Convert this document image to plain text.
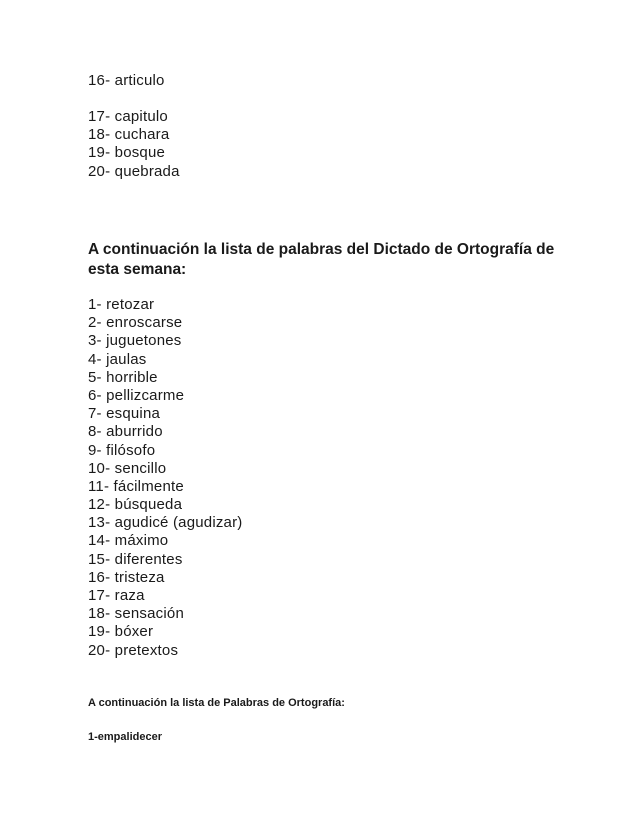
16- articulo
17- capitulo
18- cuchara
19- bosque
20- quebrada
A continuación la lista de palabras del Dictado de Ortografía de esta semana:
1- retozar
2- enroscarse
3- juguetones
4- jaulas
5- horrible
6- pellizcarme
7- esquina
8- aburrido
9- filósofo
10- sencillo
11- fácilmente
12- búsqueda
13- agudicé (agudizar)
14- máximo
15- diferentes
16- tristeza
17- raza
18- sensación
19- bóxer
20- pretextos

A continuación la lista de Palabras de Ortografía:

1-empalidecer
